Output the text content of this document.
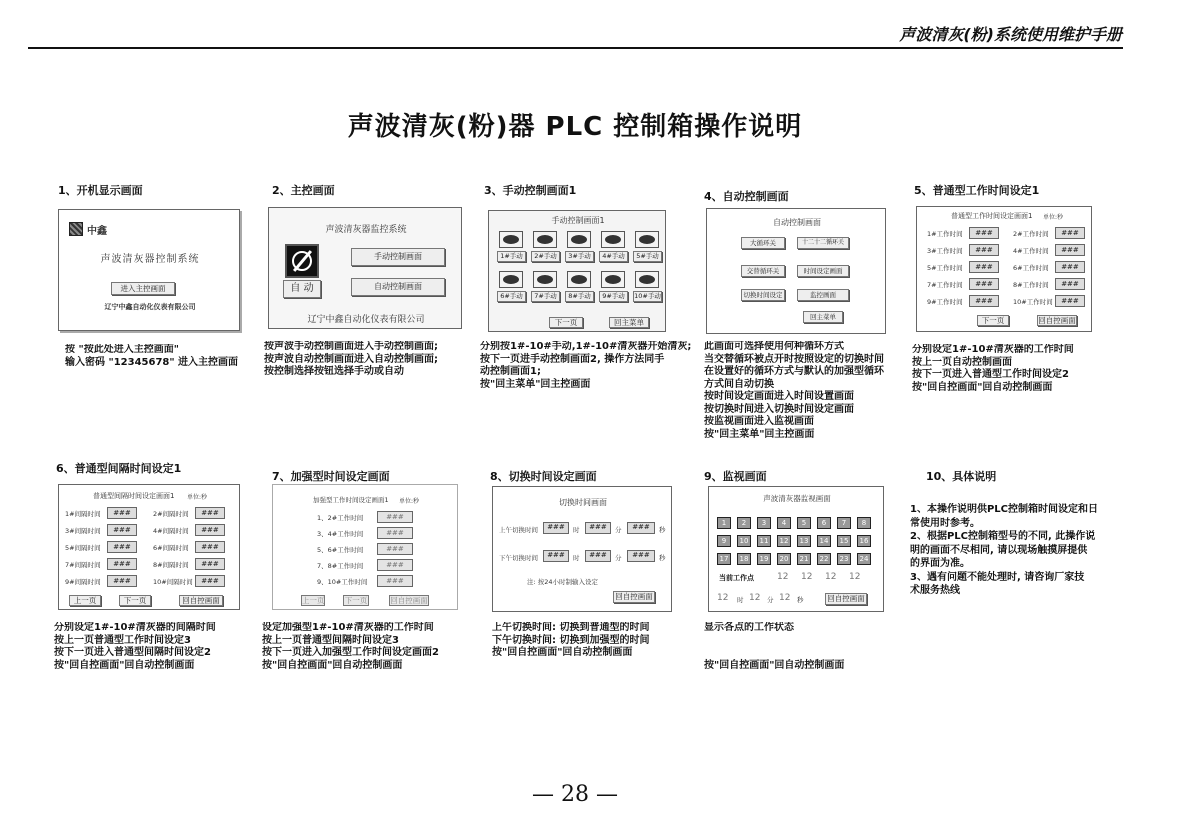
声波清灰(粉)系统使用维护手册
声波清灰(粉)器 PLC 控制箱操作说明
1、开机显示画面
中鑫
声波清灰器控制系统
进入主控画面
辽宁中鑫自动化仪表有限公司
按 "按此处进入主控画面"
输入密码 "12345678" 进入主控画面
2、主控画面
声波清灰器监控系统
自 动
手动控制画面
自动控制画面
辽宁中鑫自动化仪表有限公司
按声波手动控制画面进入手动控制画面;
按声波自动控制画面进入自动控制画面;
按控制选择按钮选择手动或自动
3、手动控制画面1
手动控制画面1
下一页	回主菜单
1#手动	2#手动	3#手动	4#手动	5#手动
6#手动	7#手动	8#手动	9#手动	10#手动
分别按1#-10#手动,1#-10#清灰器开始清灰;
按下一页进手动控制画面2, 操作方法同手
动控制画面1;
按"回主菜单"回主控画面
4、自动控制画面
自动控制画面
大循环关	十二十二循环关
交替循环关	时间设定画面
切换时间设定	监控画面
回主菜单
此画面可选择使用何种循环方式
当交替循环被点开时按照设定的切换时间
在设置好的循环方式与默认的加强型循环
方式间自动切换
按时间设定画面进入时间设置画面
按切换时间进入切换时间设定画面
按监视画面进入监视画面
按"回主菜单"回主控画面
5、普通型工作时间设定1
普通型工作时间设定画面1 单位:秒
下一页	回自控画面
1#工作时间	###	2#工作时间	###
3#工作时间	###	4#工作时间	###
5#工作时间	###	6#工作时间	###
7#工作时间	###	8#工作时间	###
9#工作时间	###	10#工作时间	###
分别设定1#-10#清灰器的工作时间
按上一页自动控制画面
按下一页进入普通型工作时间设定2
按"回自控画面"回自动控制画面
6、普通型间隔时间设定1
普通型间隔时间设定画面1 单位:秒
上一页	下一页	回自控画面
1#间隔时间	###	2#间隔时间	###
3#间隔时间	###	4#间隔时间	###
5#间隔时间	###	6#间隔时间	###
7#间隔时间	###	8#间隔时间	###
9#间隔时间	###	10#间隔时间	###
分别设定1#-10#清灰器的间隔时间
按上一页普通型工作时间设定3
按下一页进入普通型间隔时间设定2
按"回自控画面"回自动控制画面
7、加强型时间设定画面
加强型工作时间设定画面1 单位:秒
上一页	下一页	回自控画面
1、2#工作时间	###
3、4#工作时间	###
5、6#工作时间	###
7、8#工作时间	###
9、10#工作时间	###
设定加强型1#-10#清灰器的工作时间
按上一页普通型间隔时间设定3
按下一页进入加强型工作时间设定画面2
按"回自控画面"回自动控制画面
8、切换时间设定画面
切换时间画面
上午切换时间	###	时	###	分	###	秒
下午切换时间	###	时	###	分	###	秒
注: 按24小时制输入设定
回自控画面
上午切换时间: 切换到普通型的时间
下午切换时间: 切换到加强型的时间
按"回自控画面"回自动控制画面
9、监视画面
声波清灰器监视画面
当前工作点	12 12 12 12
12 时 12 分 12 秒	回自控画面
1	2	3	4	5	6	7	8
9	10	11	12	13	14	15	16
17	18	19	20	21	22	23	24
显示各点的工作状态

按"回自控画面"回自动控制画面
10、具体说明
1、本操作说明供PLC控制箱时间设定和日
常使用时参考。
2、根据PLC控制箱型号的不同, 此操作说
明的画面不尽相同, 请以现场触摸屏提供
的界面为准。
3、遇有问题不能处理时, 请咨询厂家技
术服务热线
— 28 —
